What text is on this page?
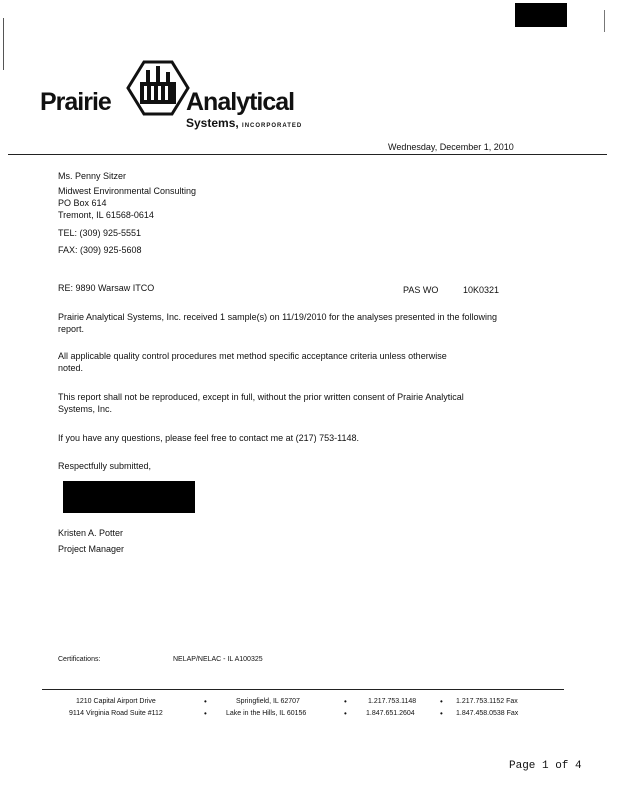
Prairie	Analytical
Systems, INCORPORATED
Wednesday, December 1, 2010
Ms. Penny Sitzer
Midwest Environmental Consulting
PO Box 614
Tremont, IL 61568-0614
TEL: (309) 925-5551
FAX: (309) 925-5608
RE: 9890 Warsaw ITCO	PAS WO	10K0321
Prairie Analytical Systems, Inc. received 1 sample(s) on 11/19/2010 for the analyses presented in the following report.
All applicable quality control procedures met method specific acceptance criteria unless otherwise noted.
This report shall not be reproduced, except in full, without the prior written consent of Prairie Analytical Systems, Inc.
If you have any questions, please feel free to contact me at (217) 753-1148.
Respectfully submitted,
Kristen A. Potter
Project Manager
Certifications:	NELAP/NELAC - IL A100325
1210 Capital Airport Drive	•	Springfield, IL 62707	•	1.217.753.1148	• 1.217.753.1152 Fax
9114 Virginia Road Suite #112	•	Lake in the Hills, IL 60156	•	1.847.651.2604	• 1.847.458.0538 Fax
Page 1 of 4
